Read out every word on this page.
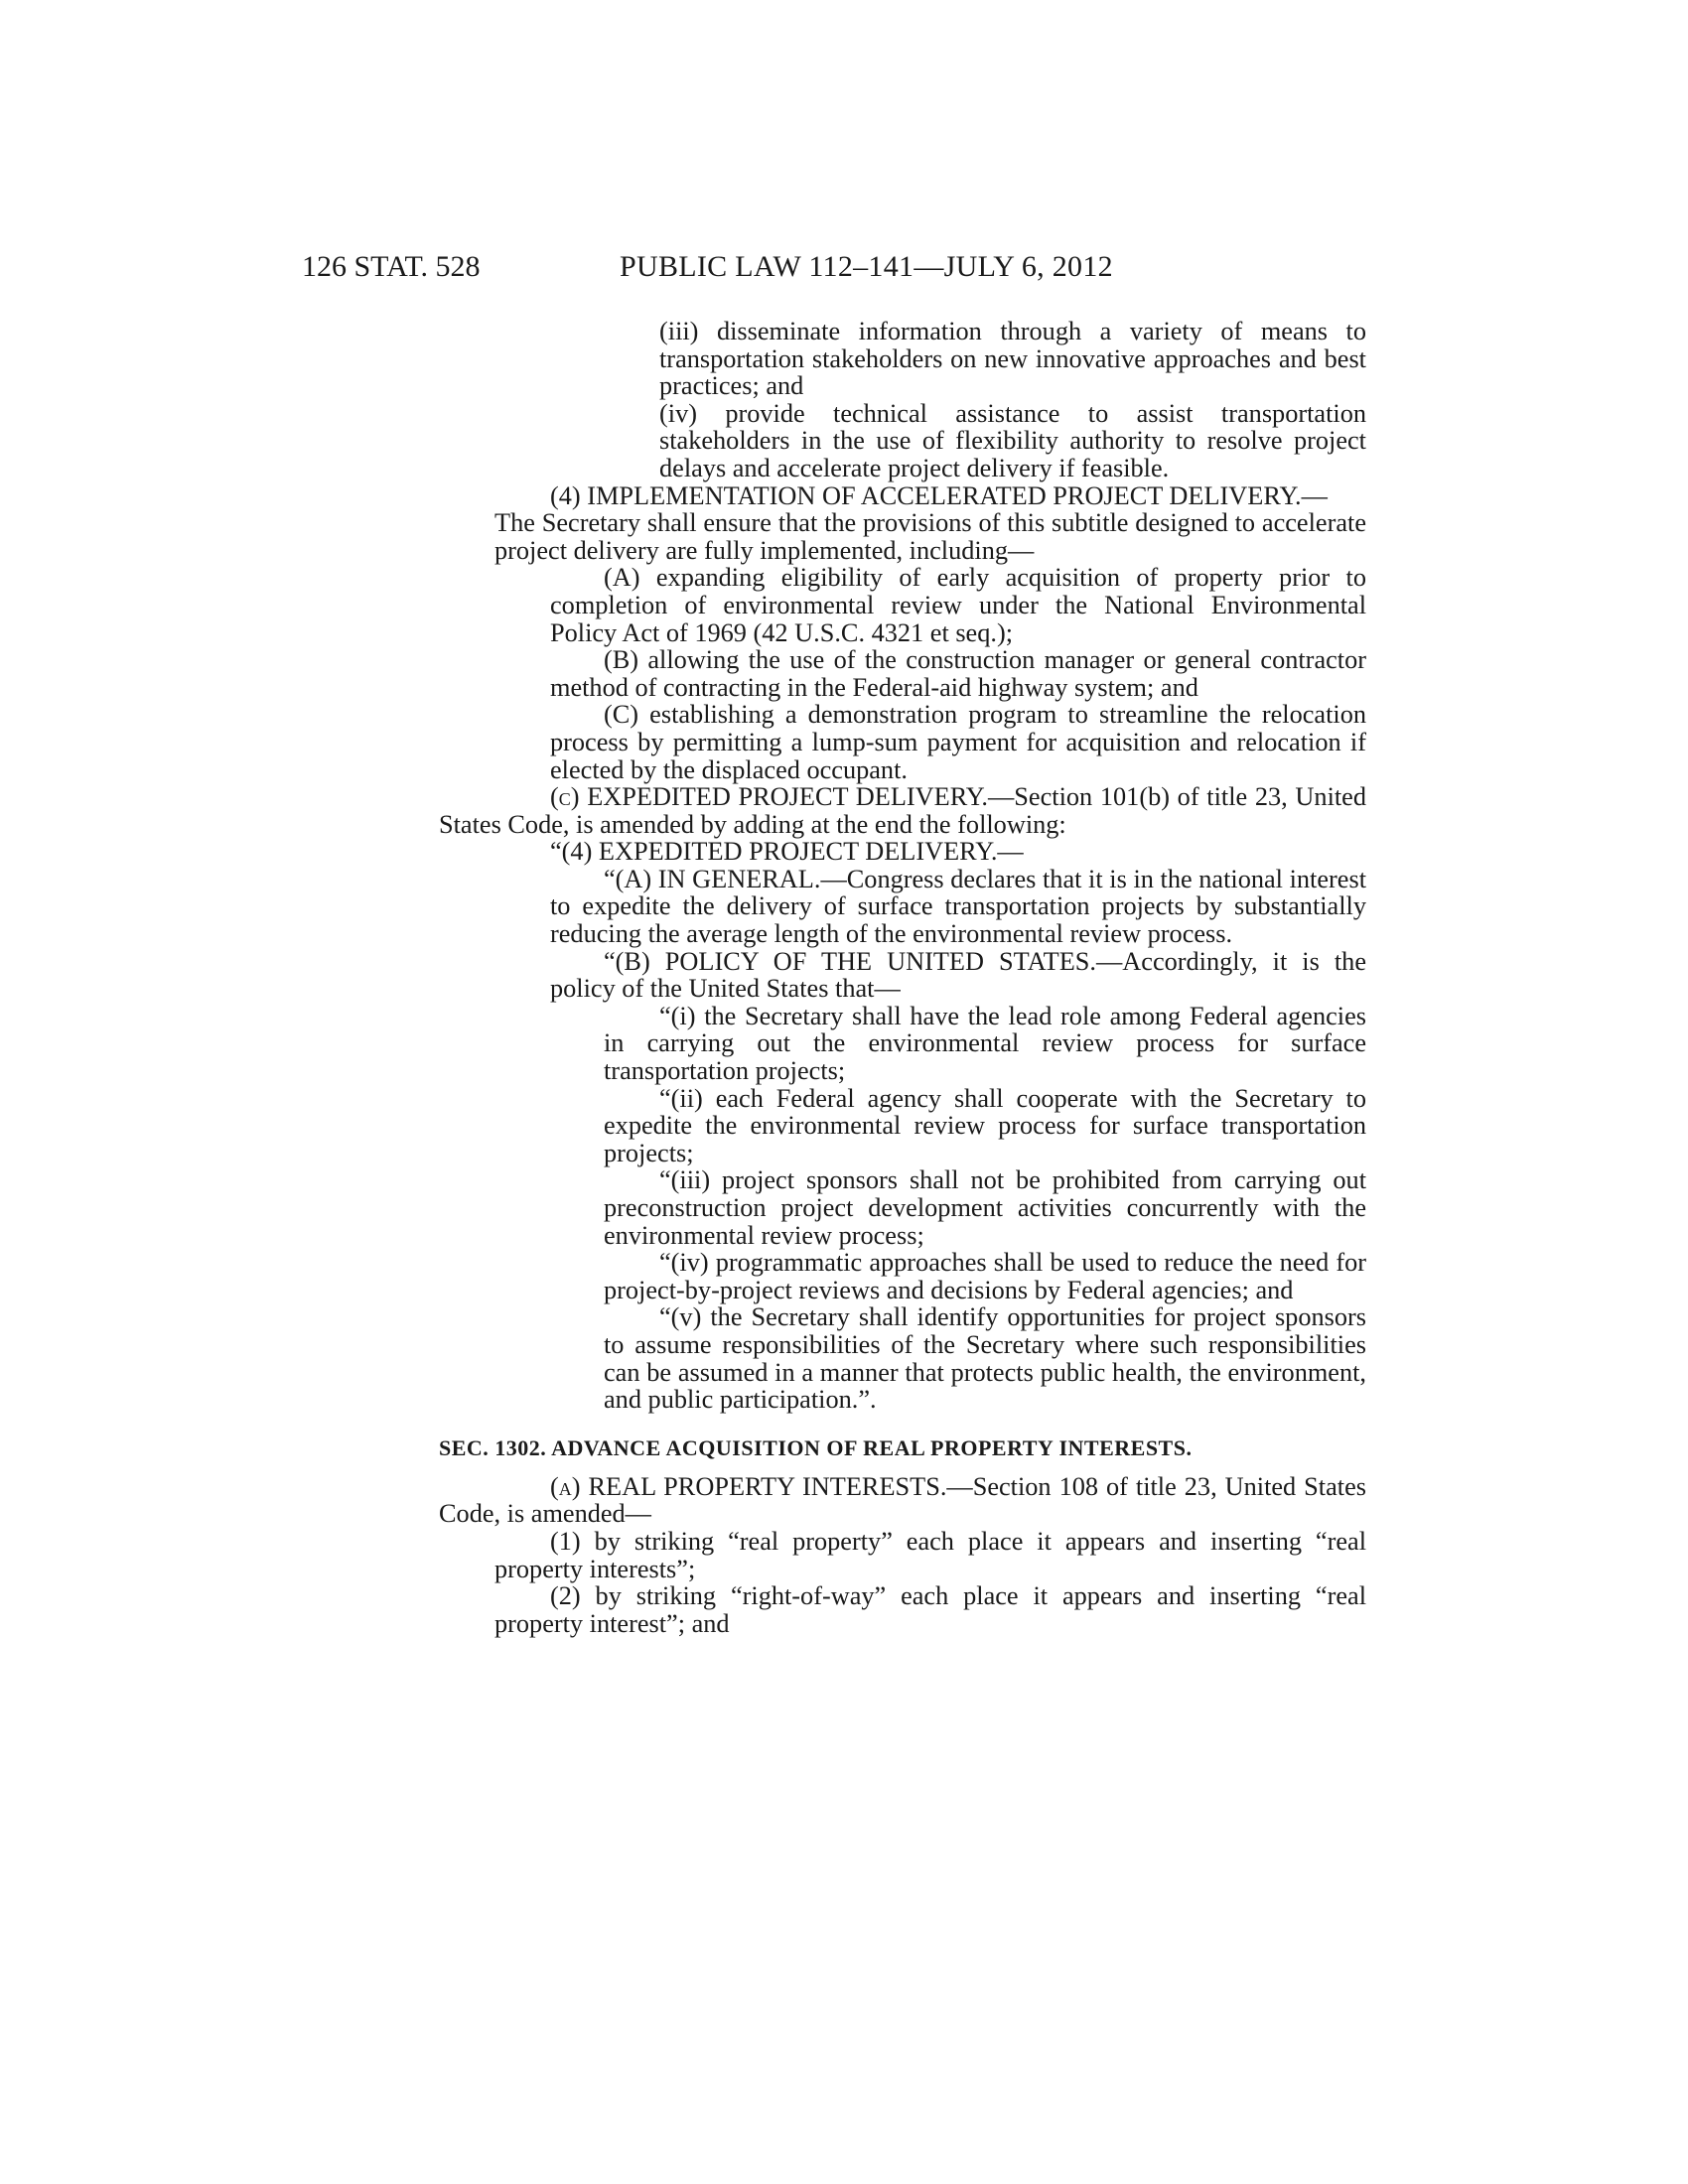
126 STAT. 528	PUBLIC LAW 112–141—JULY 6, 2012

(iii) disseminate information through a variety of means to transportation stakeholders on new innovative approaches and best practices; and

(iv) provide technical assistance to assist transportation stakeholders in the use of flexibility authority to resolve project delays and accelerate project delivery if feasible.

(4) IMPLEMENTATION OF ACCELERATED PROJECT DELIVERY.—
The Secretary shall ensure that the provisions of this subtitle designed to accelerate project delivery are fully implemented, including—

(A) expanding eligibility of early acquisition of property prior to completion of environmental review under the National Environmental Policy Act of 1969 (42 U.S.C. 4321 et seq.);

(B) allowing the use of the construction manager or general contractor method of contracting in the Federal-aid highway system; and

(C) establishing a demonstration program to streamline the relocation process by permitting a lump-sum payment for acquisition and relocation if elected by the displaced occupant.

(c) EXPEDITED PROJECT DELIVERY.—Section 101(b) of title 23, United States Code, is amended by adding at the end the following:

“(4) EXPEDITED PROJECT DELIVERY.—

“(A) IN GENERAL.—Congress declares that it is in the national interest to expedite the delivery of surface transportation projects by substantially reducing the average length of the environmental review process.

“(B) POLICY OF THE UNITED STATES.—Accordingly, it is the policy of the United States that—

“(i) the Secretary shall have the lead role among Federal agencies in carrying out the environmental review process for surface transportation projects;

“(ii) each Federal agency shall cooperate with the Secretary to expedite the environmental review process for surface transportation projects;

“(iii) project sponsors shall not be prohibited from carrying out preconstruction project development activities concurrently with the environmental review process;

“(iv) programmatic approaches shall be used to reduce the need for project-by-project reviews and decisions by Federal agencies; and

“(v) the Secretary shall identify opportunities for project sponsors to assume responsibilities of the Secretary where such responsibilities can be assumed in a manner that protects public health, the environment, and public participation.”.

SEC. 1302. ADVANCE ACQUISITION OF REAL PROPERTY INTERESTS.

(a) REAL PROPERTY INTERESTS.—Section 108 of title 23, United States Code, is amended—

(1) by striking “real property” each place it appears and inserting “real property interests”;

(2) by striking “right-of-way” each place it appears and inserting “real property interest”; and
